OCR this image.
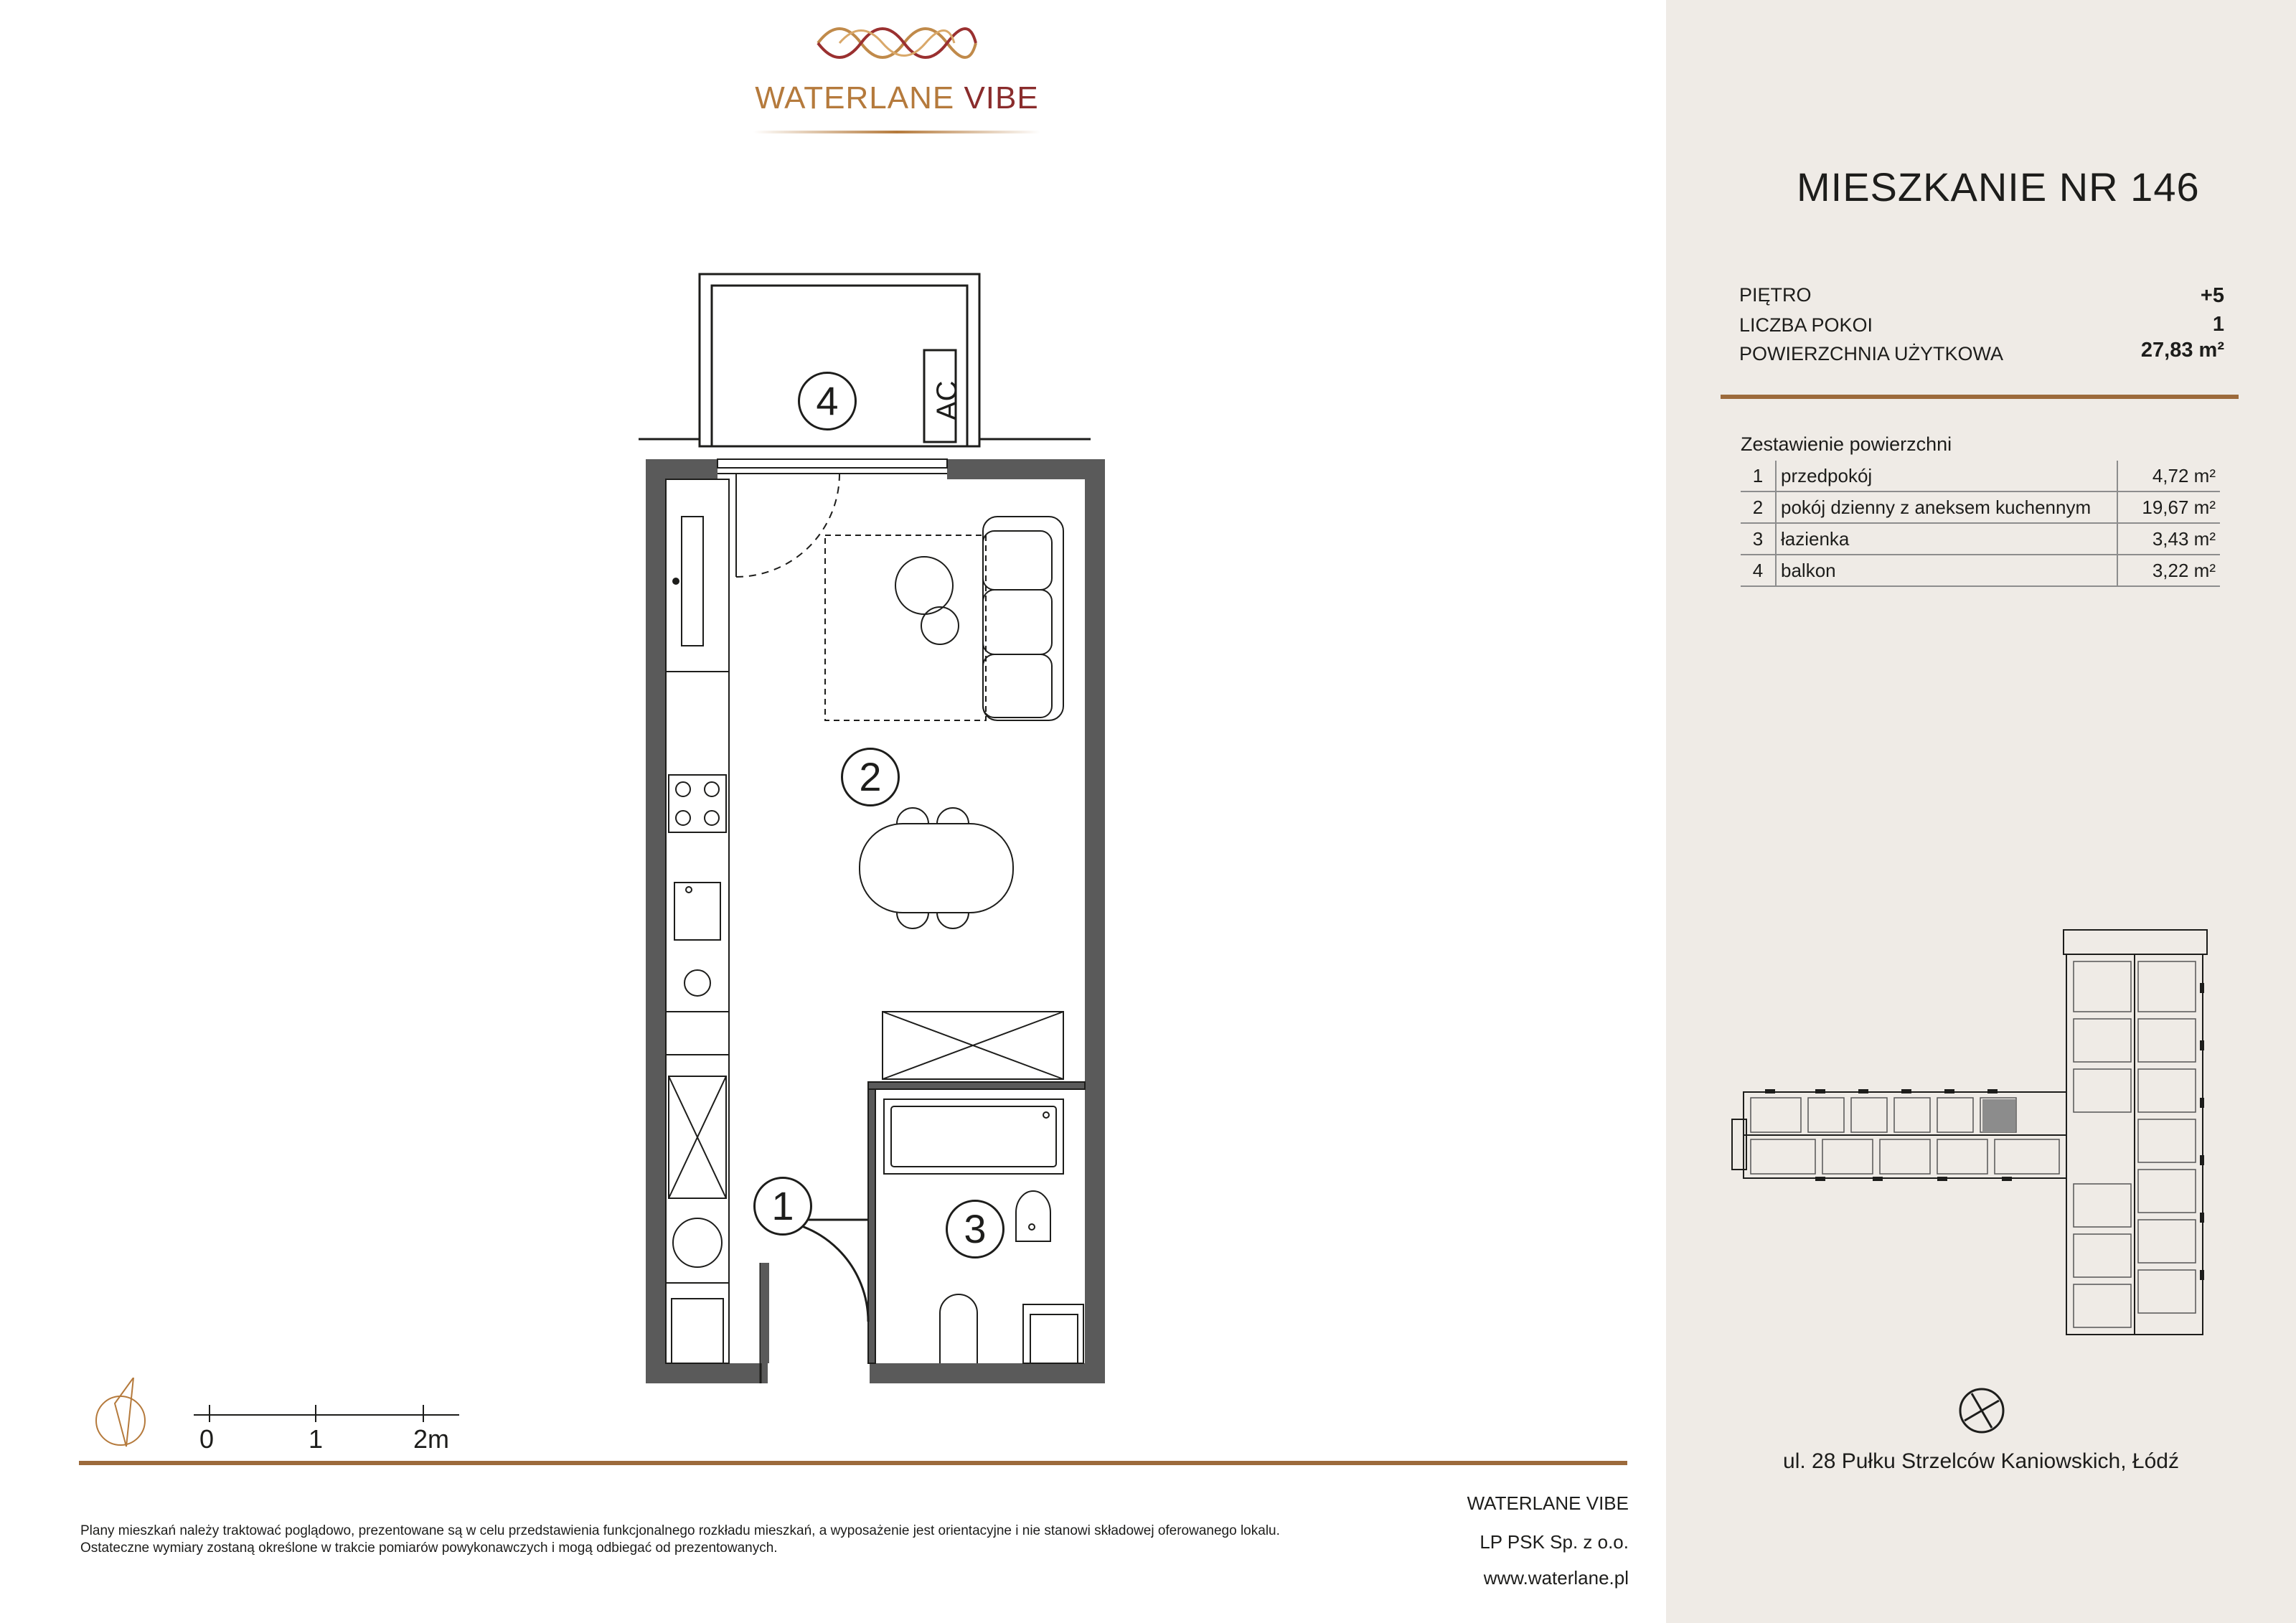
WATERLANE VIBE
MIESZKANIE NR 146
PIĘTRO	+5
LICZBA POKOI	1
POWIERZCHNIA UŻYTKOWA	27,83 m²
Zestawienie powierzchni
1	przedpokój	4,72 m²
2	pokój dzienny z aneksem kuchennym	19,67 m²
3	łazienka	3,43 m²
4	balkon	3,22 m²
ul. 28 Pułku Strzelców Kaniowskich, Łódź
4
2
1
3
AC
0	1	2m
Plany mieszkań należy traktować poglądowo, prezentowane są w celu przedstawienia funkcjonalnego rozkładu mieszkań, a wyposażenie jest orientacyjne i nie stanowi składowej oferowanego lokalu.
Ostateczne wymiary zostaną określone w trakcie pomiarów powykonawczych i mogą odbiegać od prezentowanych.
WATERLANE VIBE
LP PSK Sp. z o.o.
www.waterlane.pl
